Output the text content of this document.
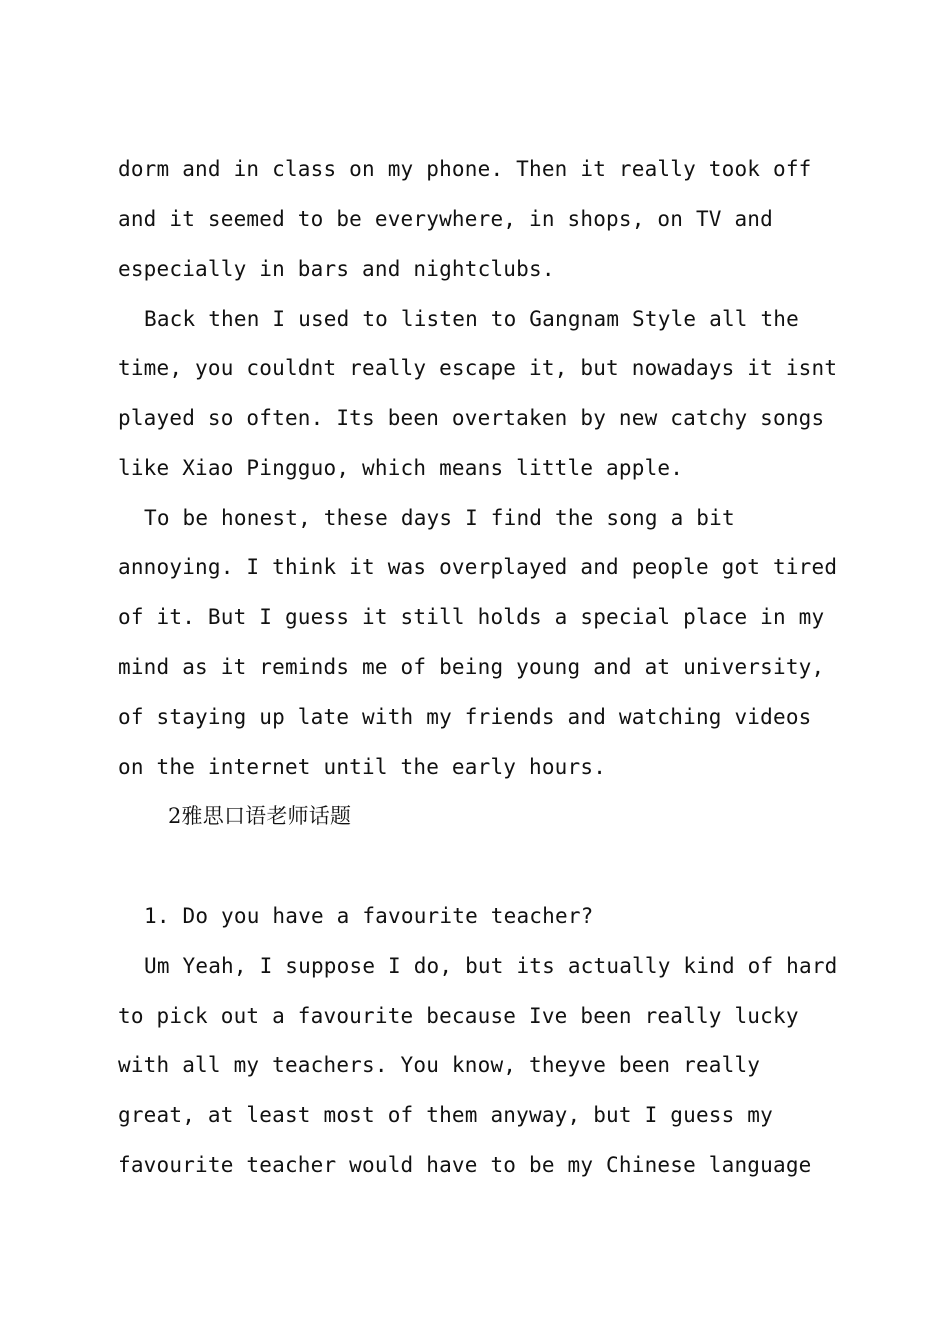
dorm and in class on my phone. Then it really took off
and it seemed to be everywhere, in shops, on TV and
especially in bars and nightclubs.
Back then I used to listen to Gangnam Style all the
time, you couldnt really escape it, but nowadays it isnt
played so often. Its been overtaken by new catchy songs
like Xiao Pingguo, which means little apple.
To be honest, these days I find the song a bit
annoying. I think it was overplayed and people got tired
of it. But I guess it still holds a special place in my
mind as it reminds me of being young and at university,
of staying up late with my friends and watching videos
on the internet until the early hours.
2雅思口语老师话题
1. Do you have a favourite teacher?
Um Yeah, I suppose I do, but its actually kind of hard
to pick out a favourite because Ive been really lucky
with all my teachers. You know, theyve been really
great, at least most of them anyway, but I guess my
favourite teacher would have to be my Chinese language
